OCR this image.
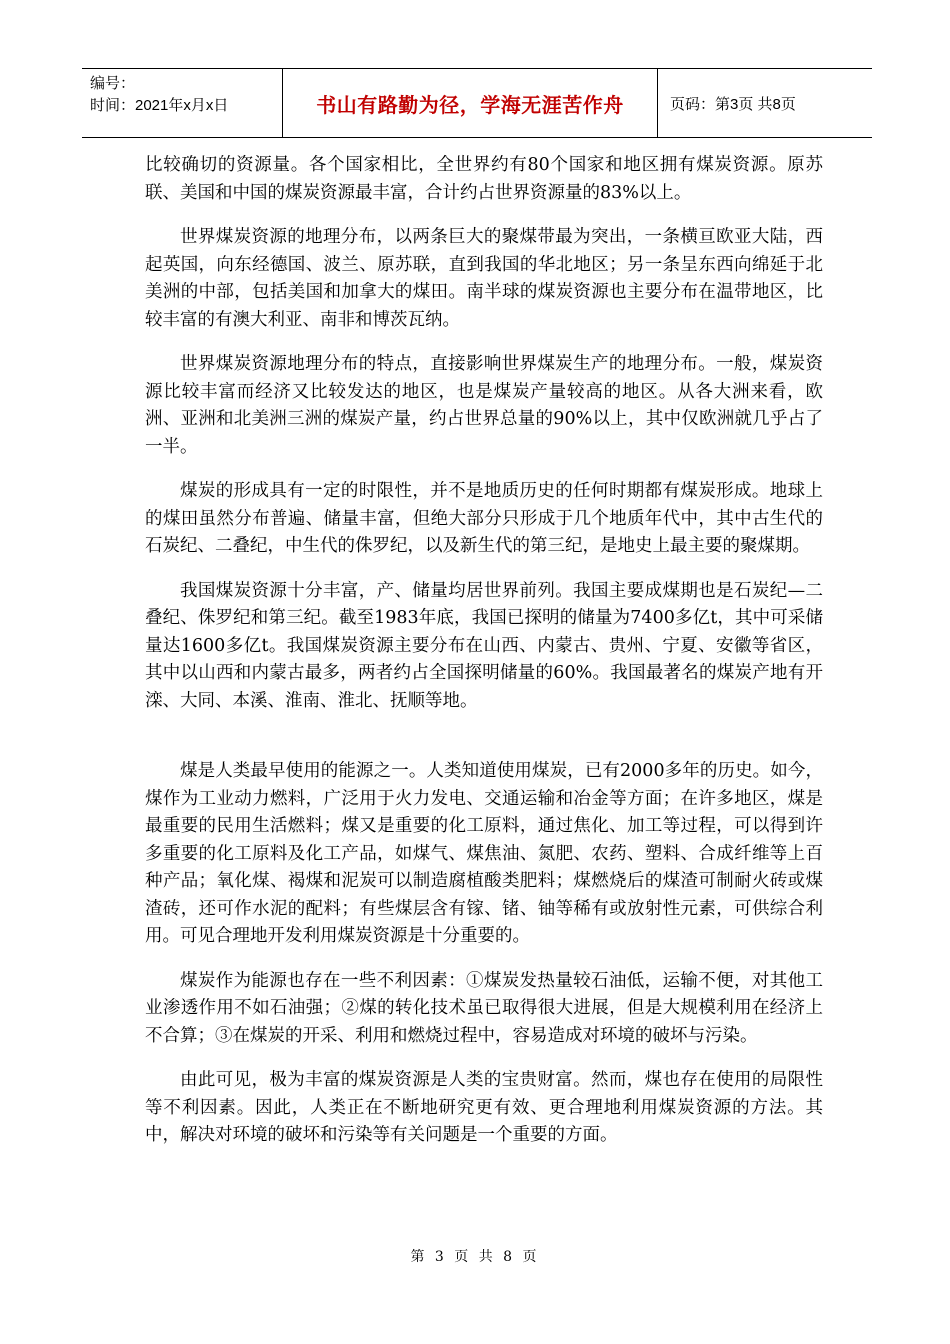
编号：
时间：2021年x月x日	书山有路勤为径，学海无涯苦作舟	页码：第3页 共8页

比较确切的资源量。各个国家相比，全世界约有80个国家和地区拥有煤炭资源。原苏联、美国和中国的煤炭资源最丰富，合计约占世界资源量的83%以上。

世界煤炭资源的地理分布，以两条巨大的聚煤带最为突出，一条横亘欧亚大陆，西起英国，向东经德国、波兰、原苏联，直到我国的华北地区；另一条呈东西向绵延于北美洲的中部，包括美国和加拿大的煤田。南半球的煤炭资源也主要分布在温带地区，比较丰富的有澳大利亚、南非和博茨瓦纳。

世界煤炭资源地理分布的特点，直接影响世界煤炭生产的地理分布。一般，煤炭资源比较丰富而经济又比较发达的地区，也是煤炭产量较高的地区。从各大洲来看，欧洲、亚洲和北美洲三洲的煤炭产量，约占世界总量的90%以上，其中仅欧洲就几乎占了一半。

煤炭的形成具有一定的时限性，并不是地质历史的任何时期都有煤炭形成。地球上的煤田虽然分布普遍、储量丰富，但绝大部分只形成于几个地质年代中，其中古生代的石炭纪、二叠纪，中生代的侏罗纪，以及新生代的第三纪，是地史上最主要的聚煤期。

我国煤炭资源十分丰富，产、储量均居世界前列。我国主要成煤期也是石炭纪—二叠纪、侏罗纪和第三纪。截至1983年底，我国已探明的储量为7400多亿t，其中可采储量达1600多亿t。我国煤炭资源主要分布在山西、内蒙古、贵州、宁夏、安徽等省区，其中以山西和内蒙古最多，两者约占全国探明储量的60%。我国最著名的煤炭产地有开滦、大同、本溪、淮南、淮北、抚顺等地。

煤是人类最早使用的能源之一。人类知道使用煤炭，已有2000多年的历史。如今，煤作为工业动力燃料，广泛用于火力发电、交通运输和冶金等方面；在许多地区，煤是最重要的民用生活燃料；煤又是重要的化工原料，通过焦化、加工等过程，可以得到许多重要的化工原料及化工产品，如煤气、煤焦油、氮肥、农药、塑料、合成纤维等上百种产品；氧化煤、褐煤和泥炭可以制造腐植酸类肥料；煤燃烧后的煤渣可制耐火砖或煤渣砖，还可作水泥的配料；有些煤层含有镓、锗、铀等稀有或放射性元素，可供综合利用。可见合理地开发利用煤炭资源是十分重要的。

煤炭作为能源也存在一些不利因素：①煤炭发热量较石油低，运输不便，对其他工业渗透作用不如石油强；②煤的转化技术虽已取得很大进展，但是大规模利用在经济上不合算；③在煤炭的开采、利用和燃烧过程中，容易造成对环境的破坏与污染。

由此可见，极为丰富的煤炭资源是人类的宝贵财富。然而，煤也存在使用的局限性等不利因素。因此，人类正在不断地研究更有效、更合理地利用煤炭资源的方法。其中，解决对环境的破坏和污染等有关问题是一个重要的方面。

第 3 页 共 8 页
